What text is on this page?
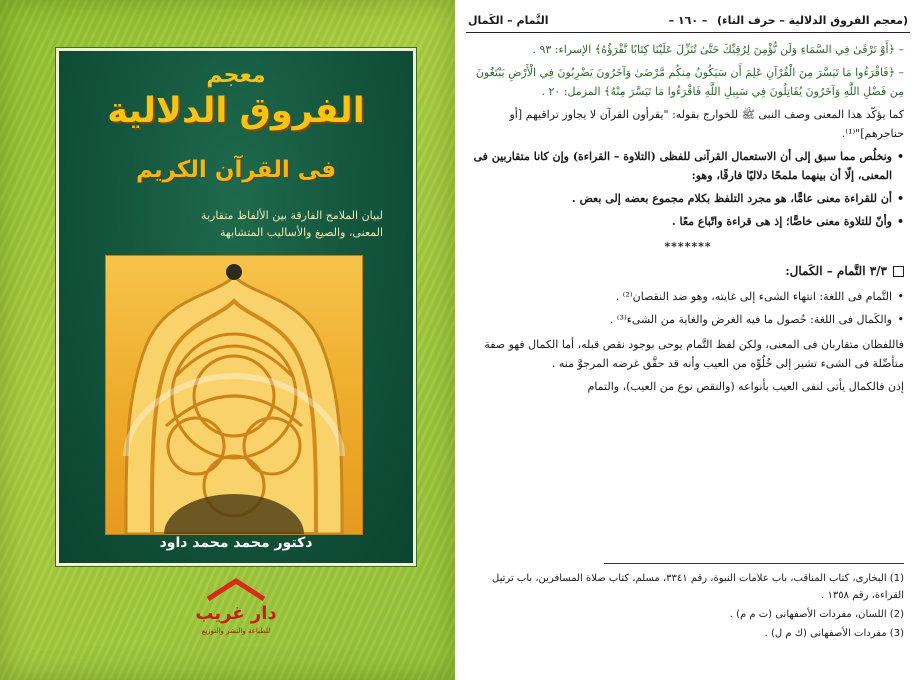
معجم
الفروق الدلالية
فى القرآن الكريم
لبيان الملامح الفارقة بين الألفاظ متقاربة
المعنى، والصيغ والأساليب المتشابهة
دكتور محمد محمد داود
دار غريب
للطباعة والنشر والتوزيع
(معجم الفروق الدلالية – حرف التاء)
– ١٦٠ –
التَّمام – الكَمال

– ﴿أَوْ تَرْقَىٰ فِي السَّمَاءِ وَلَن نُّؤْمِنَ لِرُقِيِّكَ حَتَّىٰ تُنَزِّلَ عَلَيْنَا كِتَابًا نَّقْرَؤُهُ﴾ الإسراء: ٩٣ .

– ﴿فَاقْرَءُوا مَا تَيَسَّرَ مِنَ الْقُرْآنِ عَلِمَ أَن سَيَكُونُ مِنكُم مَّرْضَىٰ وَآخَرُونَ يَضْرِبُونَ فِي الْأَرْضِ يَبْتَغُونَ مِن فَضْلِ اللَّهِ وَآخَرُونَ يُقَاتِلُونَ فِي سَبِيلِ اللَّهِ فَاقْرَءُوا مَا تَيَسَّرَ مِنْهُ﴾ المزمل: ٢٠ .

كما يؤكّد هذا المعنى وصف النبى ﷺ للخوارج بقوله: "يقرأون القرآن لا يجاوز تراقيهم [أو حناجرهم]"⁽¹⁾.

• ونخلُص مما سبق إلى أن الاستعمال القرآنى للفظى (التلاوة – القراءة) وإن كانا متقاربين فى المعنى، إلّا أن بينهما ملمحًا دلاليًا فارقًا، وهو:
• أن للقراءة معنى عامًّا، هو مجرد التلفظ بكلام مجموع بعضه إلى بعض .
• وأنّ للتلاوة معنى خاصًّا؛ إذ هى قراءة واتّباع معًا .
*******
٣/٣ التَّمام – الكَمال:
• التَّمام فى اللغة: انتهاء الشىء إلى غايته، وهو ضد النقصان⁽²⁾ .
• والكَمال فى اللغة: حُصول ما فيه الغرض والغاية من الشىء⁽³⁾ .

فاللفظان متقاربان فى المعنى، ولكن لفظ التَّمام يوحى بوجود نقص قبله، أما الكمال فهو صفة متأصِّلة فى الشىء تشير إلى خُلُوِّه من العيب وأنه قد حقَّق غرضه المرجوَّ منه .

إذن فالكمال يأتى لنفى العيب بأنواعه (والنقص نوع من العيب)، والتمام

(1) البخارى، كتاب المناقب، باب علامات النبوة، رقم ٣٣٤١، مسلم، كتاب صلاة المسافرين، باب ترتيل القراءة، رقم ١٣٥٨ .
(2) اللسان، مفردات الأصفهانى (ت م م) .
(3) مفردات الأصفهانى (ك م ل) .
